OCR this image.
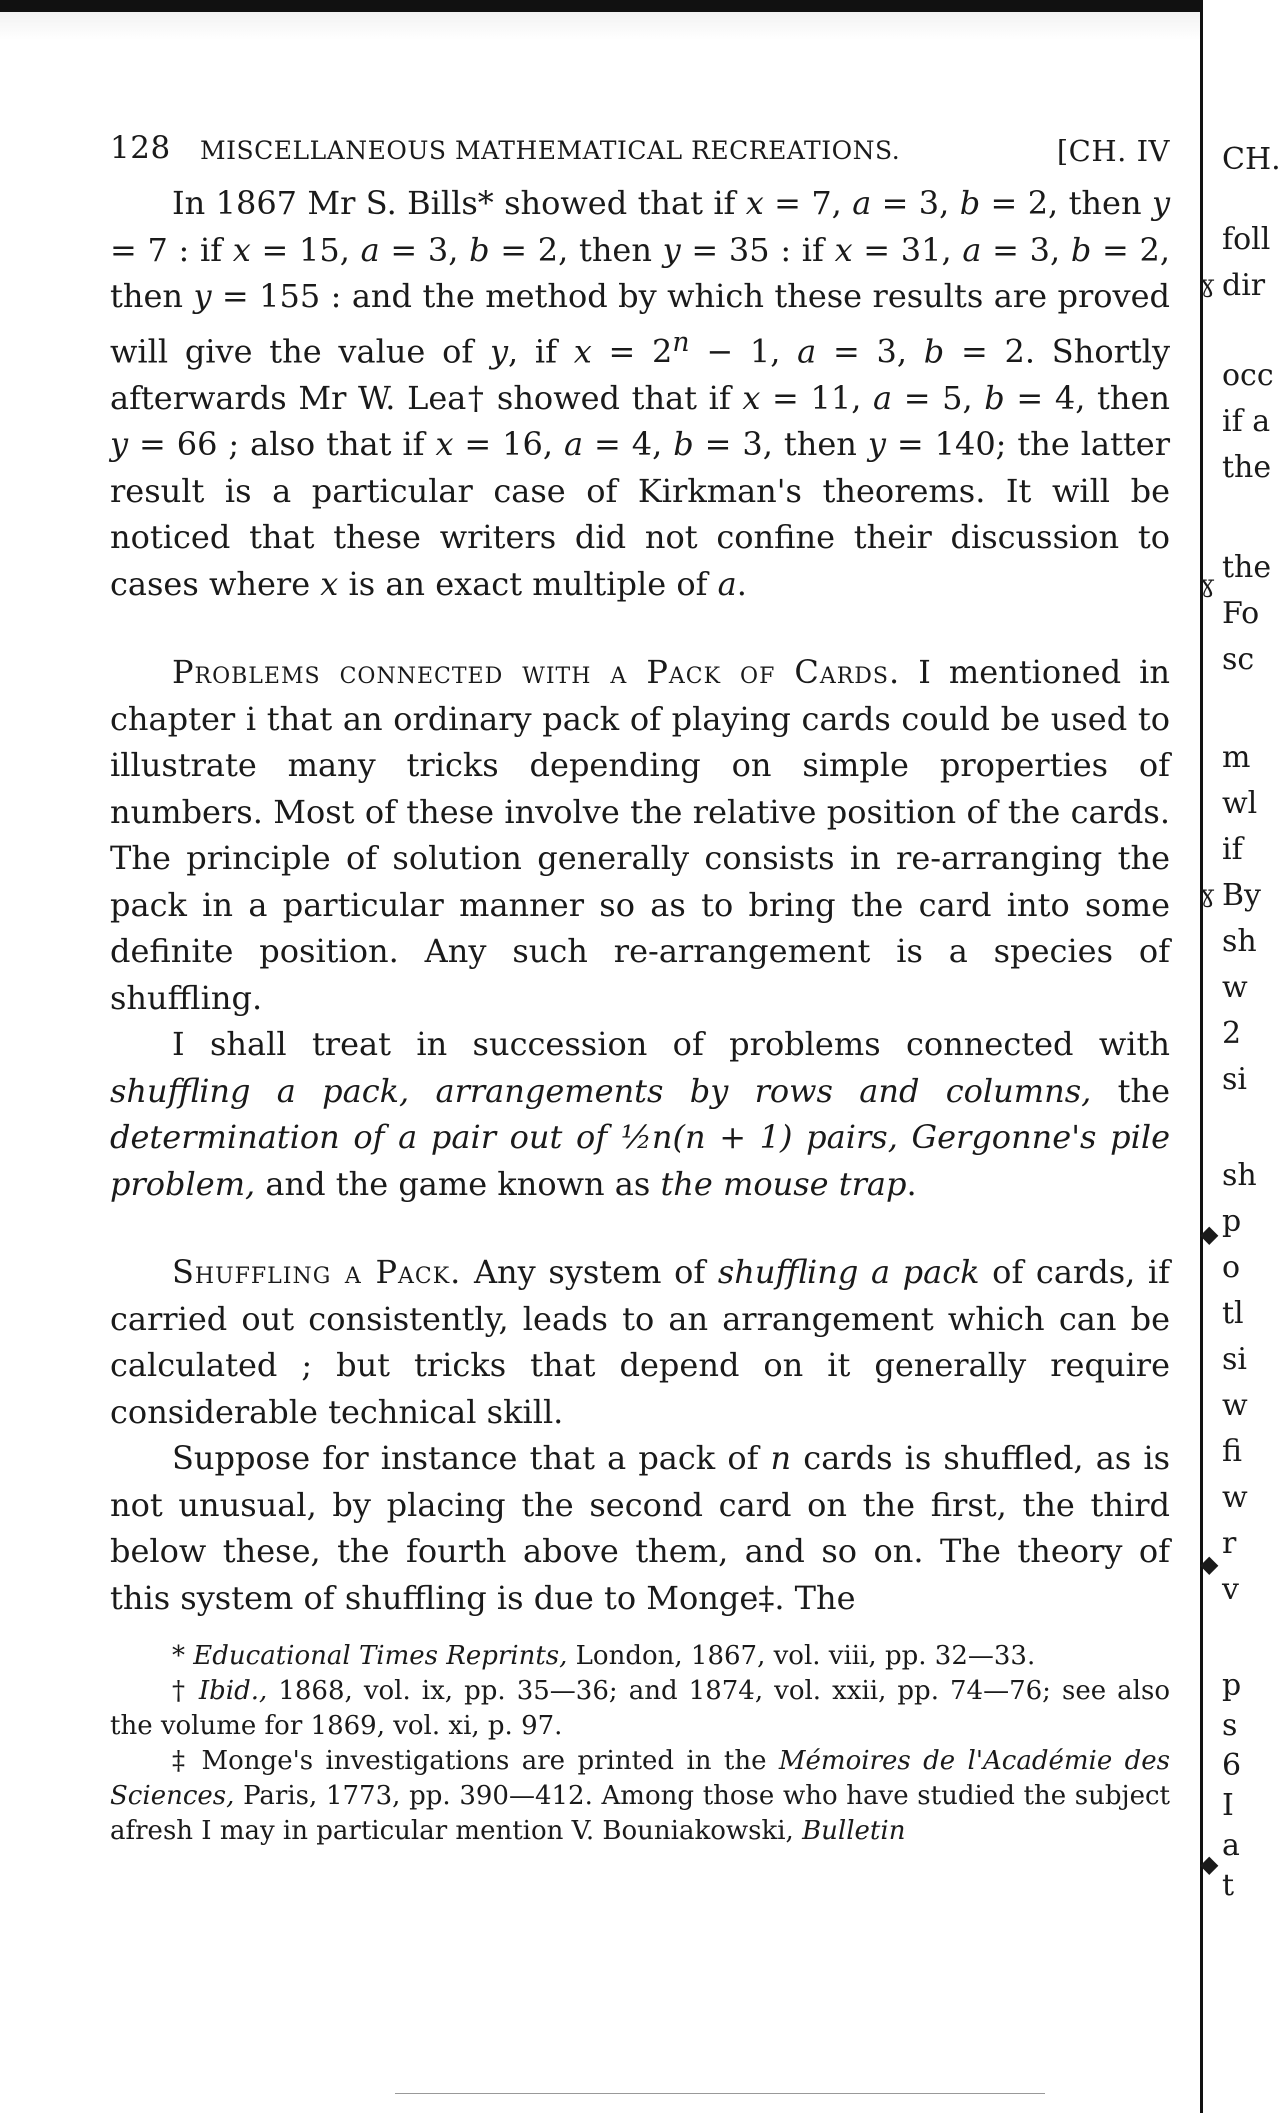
128 MISCELLANEOUS MATHEMATICAL RECREATIONS.	[CH. IV

In 1867 Mr S. Bills* showed that if x = 7, a = 3, b = 2, then y = 7 : if x = 15, a = 3, b = 2, then y = 35 : if x = 31, a = 3, b = 2, then y = 155 : and the method by which these results are proved will give the value of y, if $x = 2^n - 1$, a = 3, b = 2. Shortly afterwards Mr W. Lea† showed that if x = 11, a = 5, b = 4, then y = 66 ; also that if x = 16, a = 4, b = 3, then y = 140; the latter result is a particular case of Kirkman's theorems. It will be noticed that these writers did not confine their discussion to cases where x is an exact multiple of a.

Problems connected with a Pack of Cards. I mentioned in chapter i that an ordinary pack of playing cards could be used to illustrate many tricks depending on simple properties of numbers. Most of these involve the relative position of the cards. The principle of solution generally consists in re-arranging the pack in a particular manner so as to bring the card into some definite position. Any such re-arrangement is a species of shuffling.

I shall treat in succession of problems connected with shuffling a pack, arrangements by rows and columns, the determination of a pair out of ½n(n + 1) pairs, Gergonne's pile problem, and the game known as the mouse trap.

Shuffling a Pack. Any system of shuffling a pack of cards, if carried out consistently, leads to an arrangement which can be calculated ; but tricks that depend on it generally require considerable technical skill.

Suppose for instance that a pack of n cards is shuffled, as is not unusual, by placing the second card on the first, the third below these, the fourth above them, and so on. The theory of this system of shuffling is due to Monge‡. The

* Educational Times Reprints, London, 1867, vol. viii, pp. 32—33.

† Ibid., 1868, vol. ix, pp. 35—36; and 1874, vol. xxii, pp. 74—76; see also the volume for 1869, vol. xi, p. 97.

‡ Monge's investigations are printed in the Mémoires de l'Académie des Sciences, Paris, 1773, pp. 390—412. Among those who have studied the subject afresh I may in particular mention V. Bouniakowski, Bulletin

CH.
foll
dir
occ
if a
the
the
Fo
sc
m
wl
if
By
sh
w
2
si
sh
p
o
tl
si
w
fi
w
r
v
p
s
6
I
a
t
ɣ
ɣ
ɣ
◆
◆
◆
